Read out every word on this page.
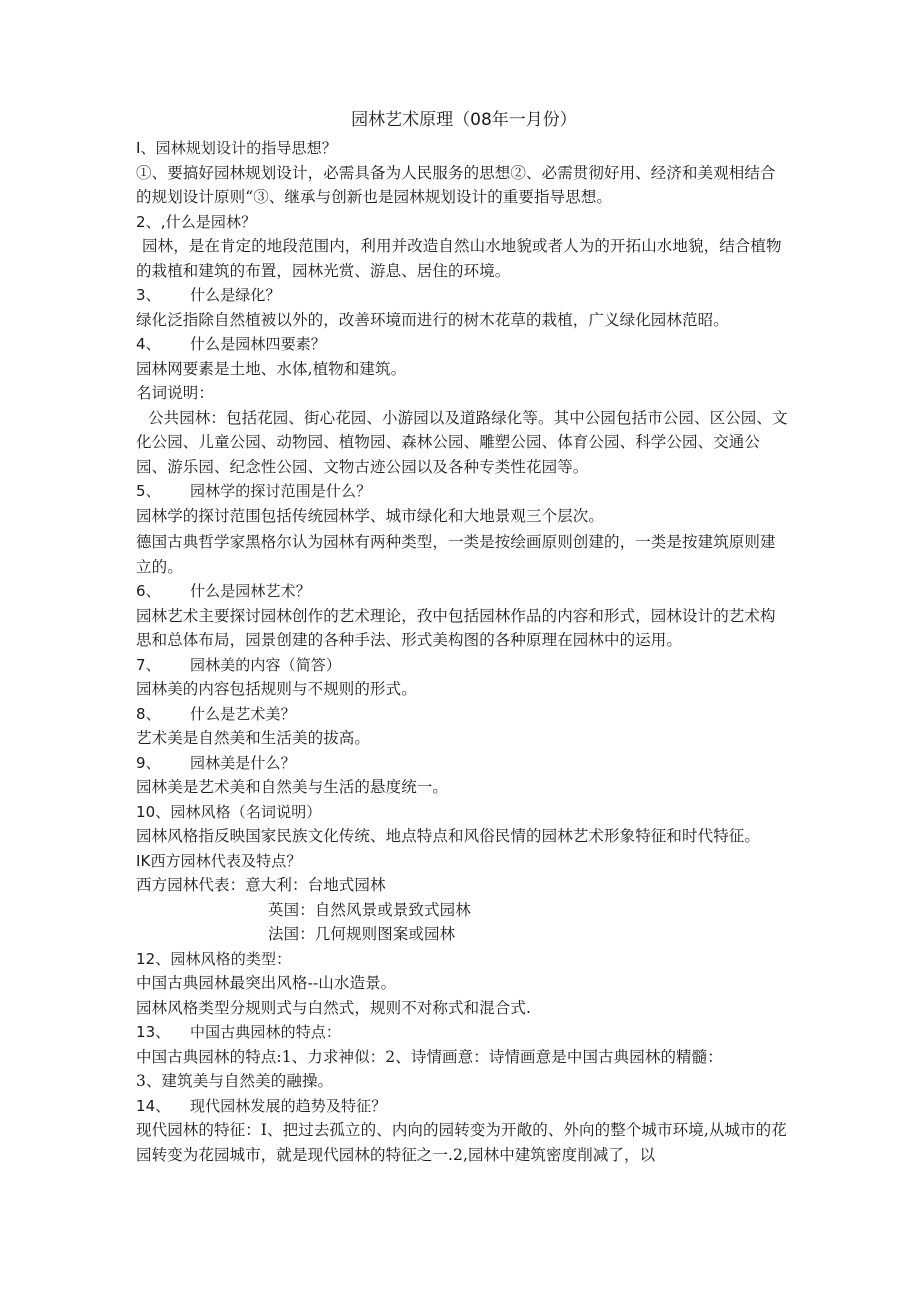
园林艺术原理（08年一月份）

I、园林规划设计的指导思想？

①、要搞好园林规划设计，必需具备为人民服务的思想②、必需贯彻好用、经济和美观相结合的规划设计原则“③、继承与创新也是园林规划设计的重要指导思想。

2、,什么是园林？

园林，是在肯定的地段范围内，利用并改造自然山水地貌或者人为的开拓山水地貌，结合植物的栽植和建筑的布置，园林光赏、游息、居住的环境。

3、 什么是绿化？

绿化泛指除自然植被以外的，改善环境而进行的树木花草的栽植，广义绿化园林范昭。

4、 什么是园林四要素？

园林网要素是土地、水体,植物和建筑。

名词说明：

公共园林：包括花园、街心花园、小游园以及道路绿化等。其中公园包括市公园、区公园、文化公园、儿童公园、动物园、植物园、森林公园、雕塑公园、体育公园、科学公园、交通公园、游乐园、纪念性公园、文物古迹公园以及各种专类性花园等。

5、 园林学的探讨范围是什么？

园林学的探讨范围包括传统园林学、城市绿化和大地景观三个层次。

德国古典哲学家黑格尔认为园林有两种类型，一类是按绘画原则创建的，一类是按建筑原则建立的。

6、 什么是园林艺术？

园林艺术主要探讨园林创作的艺术理论，孜中包括园林作品的内容和形式，园林设计的艺术构思和总体布局，园景创建的各种手法、形式美构图的各种原理在园林中的运用。

7、 园林美的内容（简答）

园林美的内容包括规则与不规则的形式。

8、 什么是艺术美？

艺术美是自然美和生活美的拔高。

9、 园林美是什么？

园林美是艺术美和自然美与生活的悬度统一。

10、园林风格（名词说明）

园林风格指反映国家民族文化传统、地点特点和风俗民情的园林艺术形象特征和时代特征。

IK西方园林代表及特点？

西方园林代表：意大利：台地式园林

英国：自然风景或景致式园林

法国：几何规则图案或园林

12、园林风格的类型：

中国古典园林最突出风格--山水造景。

园林风格类型分规则式与白然式，规则不对称式和混合式.

13、 中国古典园林的特点：

中国古典园林的特点:1、力求神似：2、诗情画意：诗情画意是中国古典园林的精髓：

3、建筑美与自然美的融操。

14、 现代园林发展的趋势及特征？

现代园林的特征：I、把过去孤立的、内向的园转变为开敞的、外向的整个城市环境,从城市的花园转变为花园城市，就是现代园林的特征之一.2,园林中建筑密度削减了，以
